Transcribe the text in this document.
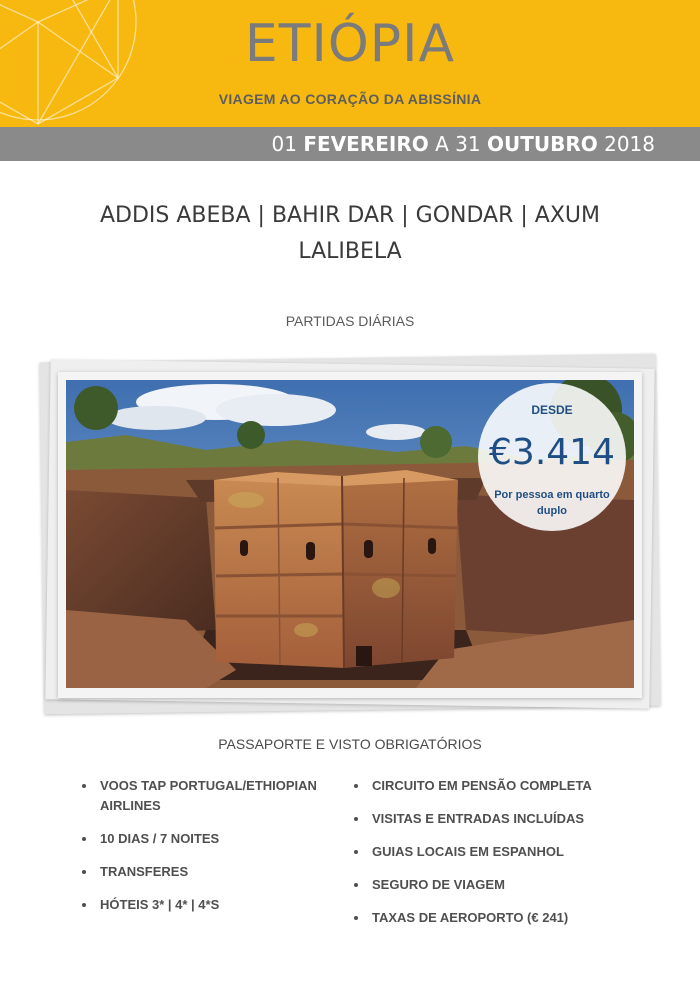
ETIÓPIA
VIAGEM AO CORAÇÃO DA ABISSÍNIA
01 FEVEREIRO A 31 OUTUBRO 2018
ADDIS ABEBA | BAHIR DAR | GONDAR | AXUM
LALIBELA
PARTIDAS DIÁRIAS
DESDE
€3.414
Por pessoa em quarto duplo
PASSAPORTE E VISTO OBRIGATÓRIOS
VOOS TAP PORTUGAL/ETHIOPIAN AIRLINES
10 DIAS / 7 NOITES
TRANSFERES
HÓTEIS 3* | 4* | 4*S
CIRCUITO EM PENSÃO COMPLETA
VISITAS E ENTRADAS INCLUÍDAS
GUIAS LOCAIS EM ESPANHOL
SEGURO DE VIAGEM
TAXAS DE AEROPORTO (€ 241)
